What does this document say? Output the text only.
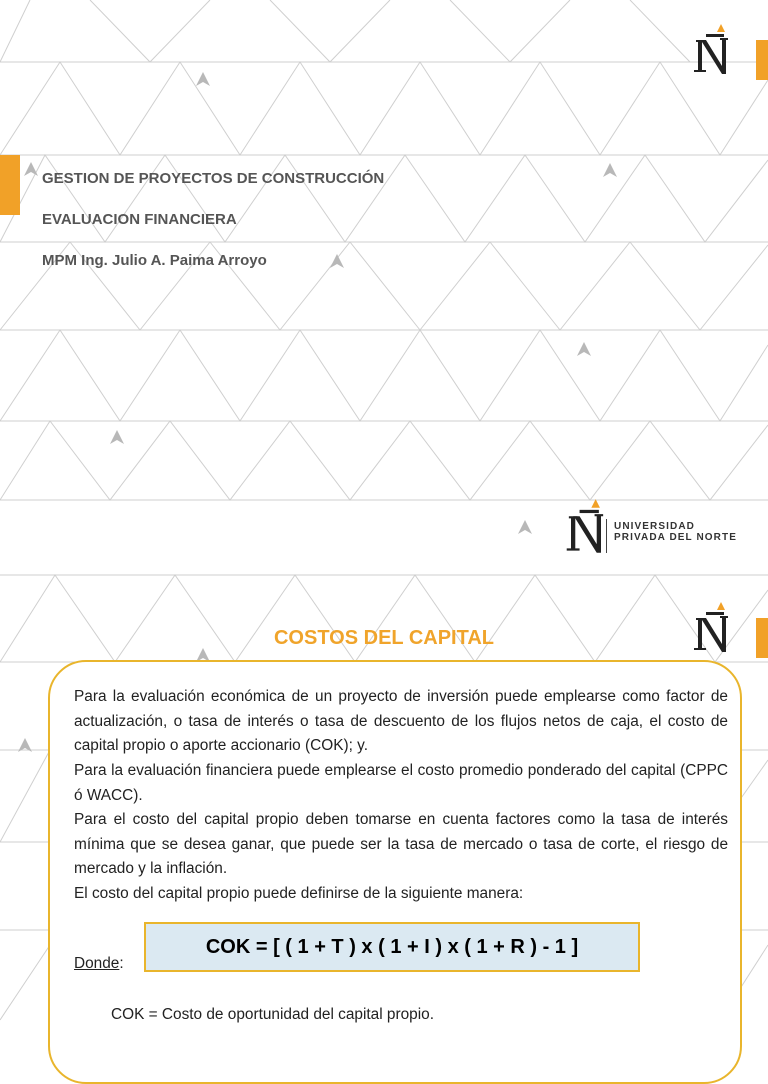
GESTION DE PROYECTOS DE CONSTRUCCIÓN
EVALUACION FINANCIERA
MPM Ing. Julio A. Paima Arroyo
UNIVERSIDAD
PRIVADA DEL NORTE
COSTOS DEL CAPITAL
Para la evaluación económica de un proyecto de inversión puede emplearse como factor de actualización, o tasa de interés o tasa de descuento de los flujos netos de caja, el costo de capital propio o aporte accionario (COK); y.
Para la evaluación financiera puede emplearse el costo promedio ponderado del capital (CPPC ó WACC).
Para el costo del capital propio deben tomarse en cuenta factores como la tasa de interés mínima que se desea ganar, que puede ser la tasa de mercado o tasa de corte, el riesgo de mercado y la inflación.
El costo del capital propio puede definirse de la siguiente manera:
COK = [ ( 1 + T ) x ( 1 + I ) x ( 1 + R ) - 1 ]
Donde:
COK = Costo de oportunidad del capital propio.
